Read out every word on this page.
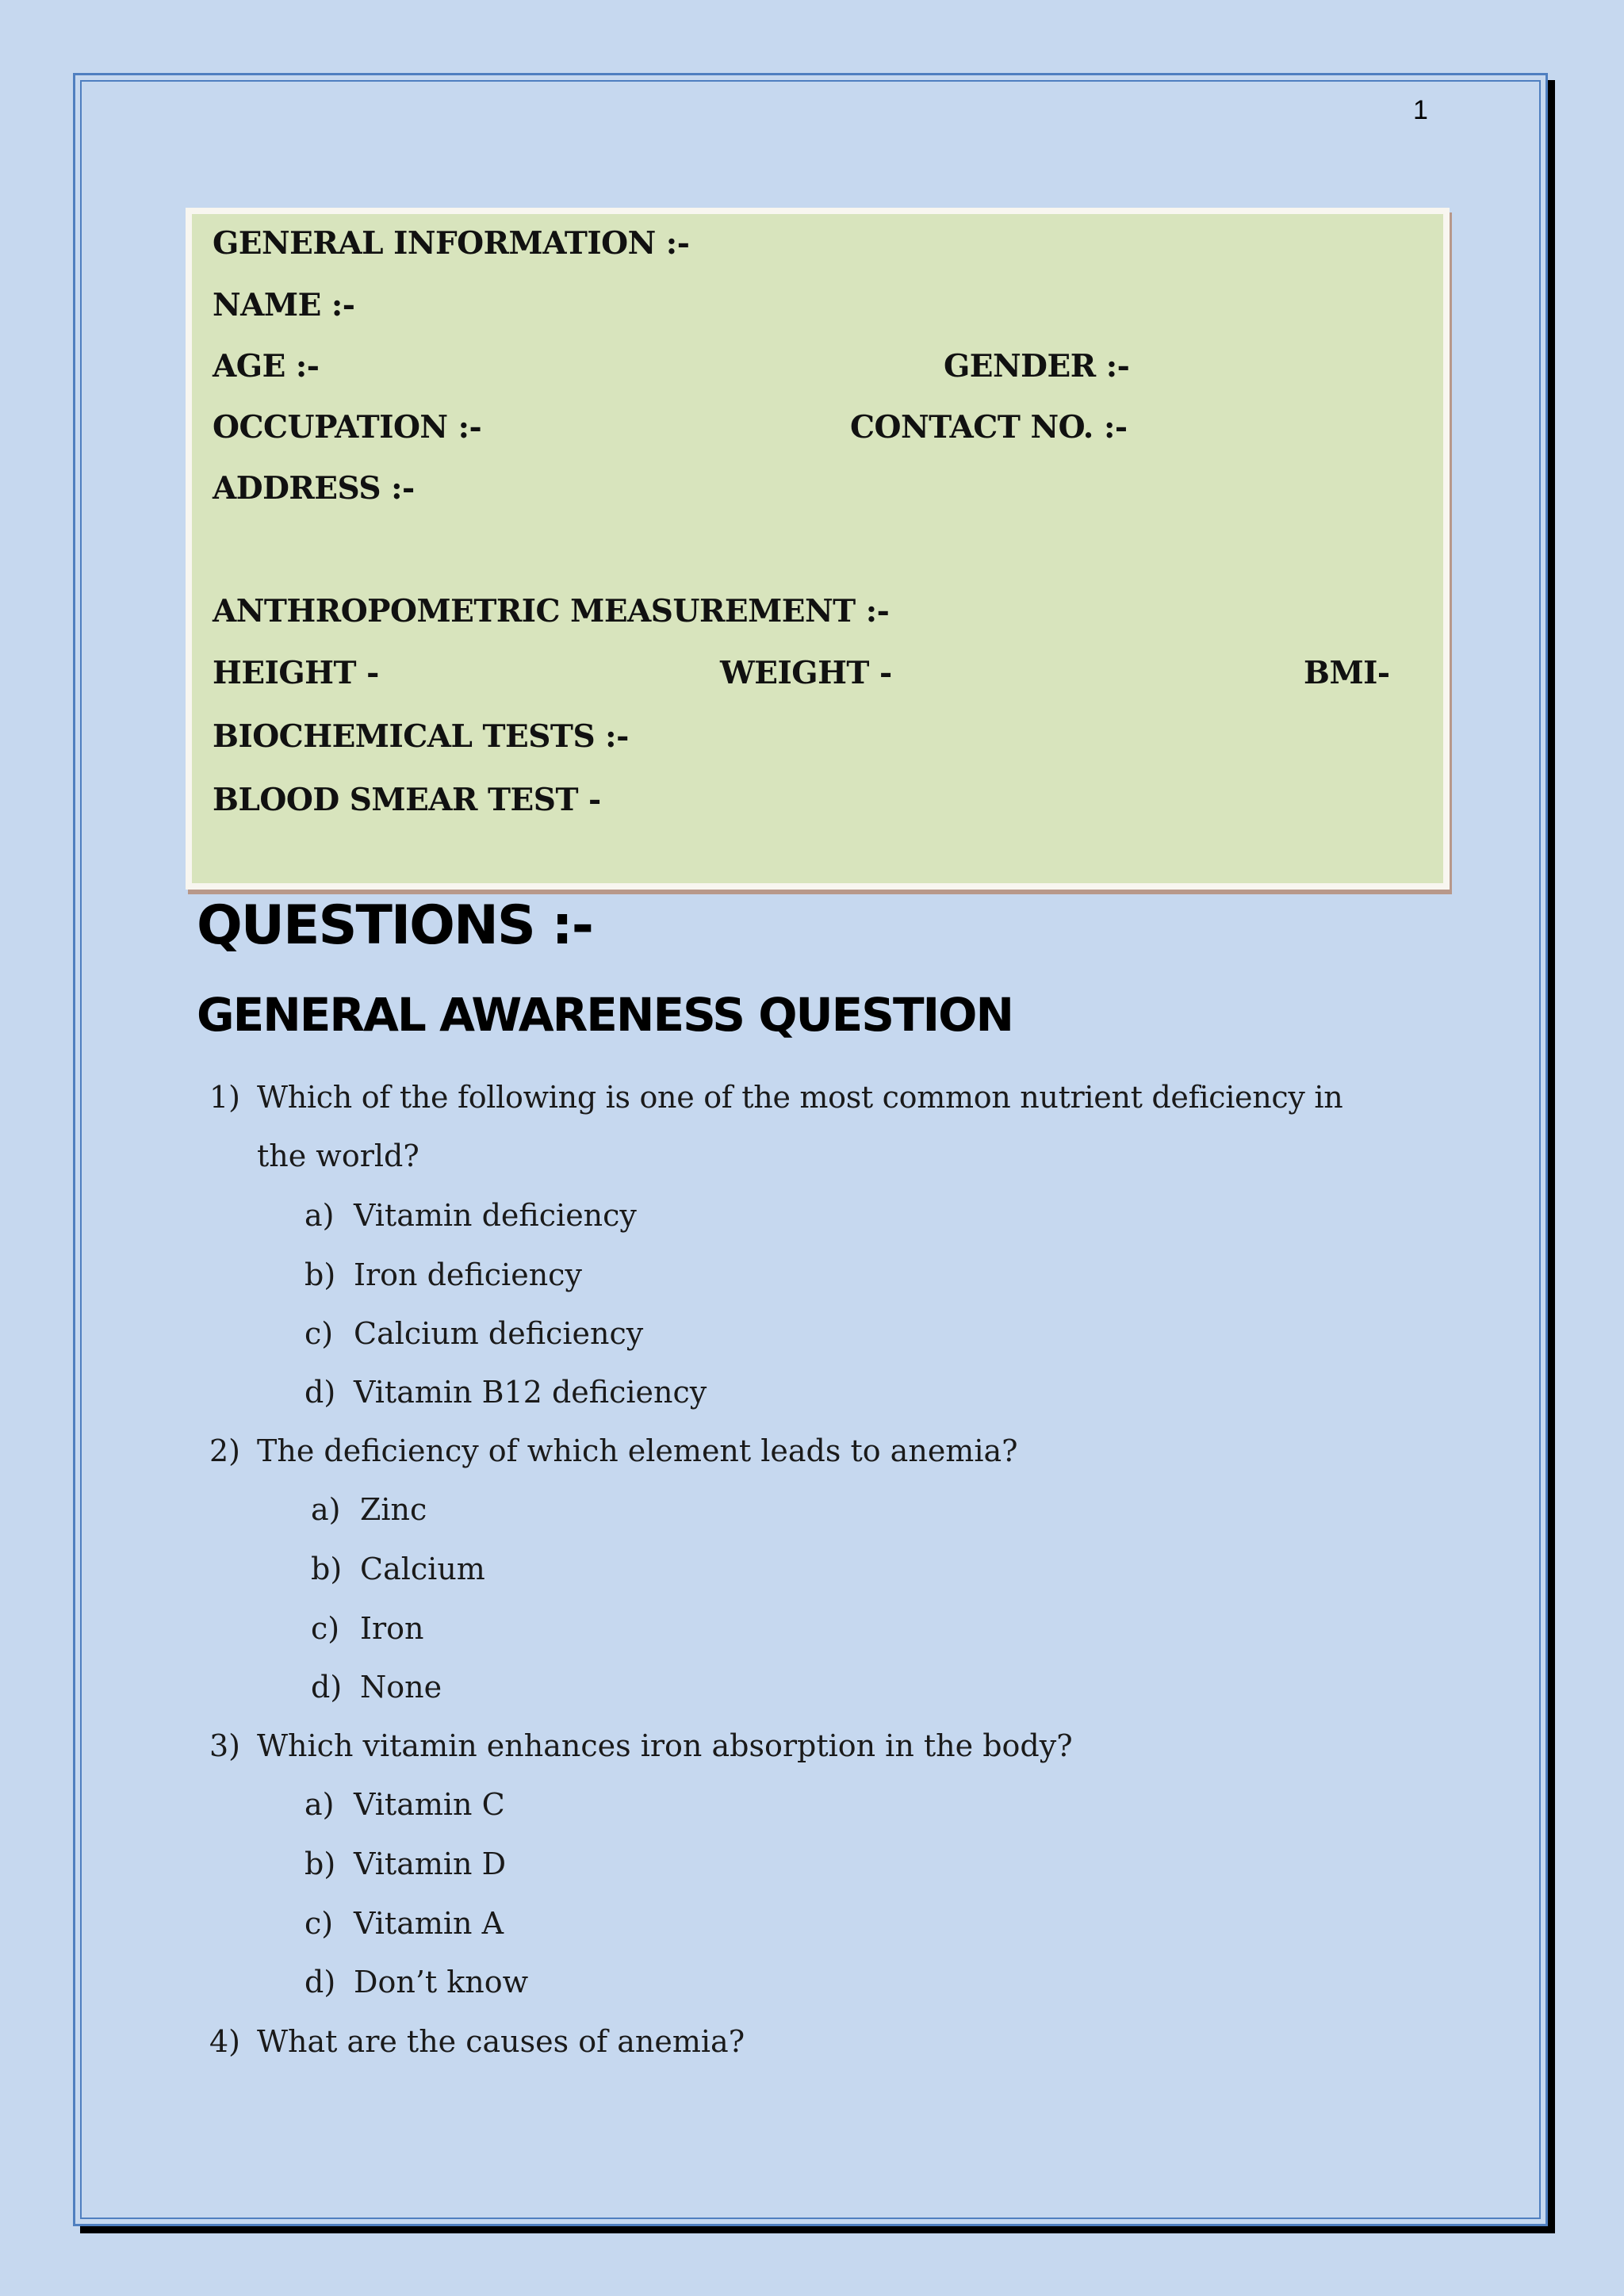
1
GENERAL INFORMATION :-
NAME :-
AGE :-	GENDER :-
OCCUPATION :-	CONTACT NO. :-
ADDRESS :-
ANTHROPOMETRIC MEASUREMENT :-
HEIGHT -	WEIGHT -	BMI-
BIOCHEMICAL TESTS :-
BLOOD SMEAR TEST -
QUESTIONS :-
GENERAL AWARENESS QUESTION
1) Which of the following is one of the most common nutrient deficiency in
the world?
a) Vitamin deficiency
b) Iron deficiency
c) Calcium deficiency
d) Vitamin B12 deficiency
2) The deficiency of which element leads to anemia?
a) Zinc
b) Calcium
c) Iron
d) None
3) Which vitamin enhances iron absorption in the body?
a) Vitamin C
b) Vitamin D
c) Vitamin A
d) Don’t know
4) What are the causes of anemia?
